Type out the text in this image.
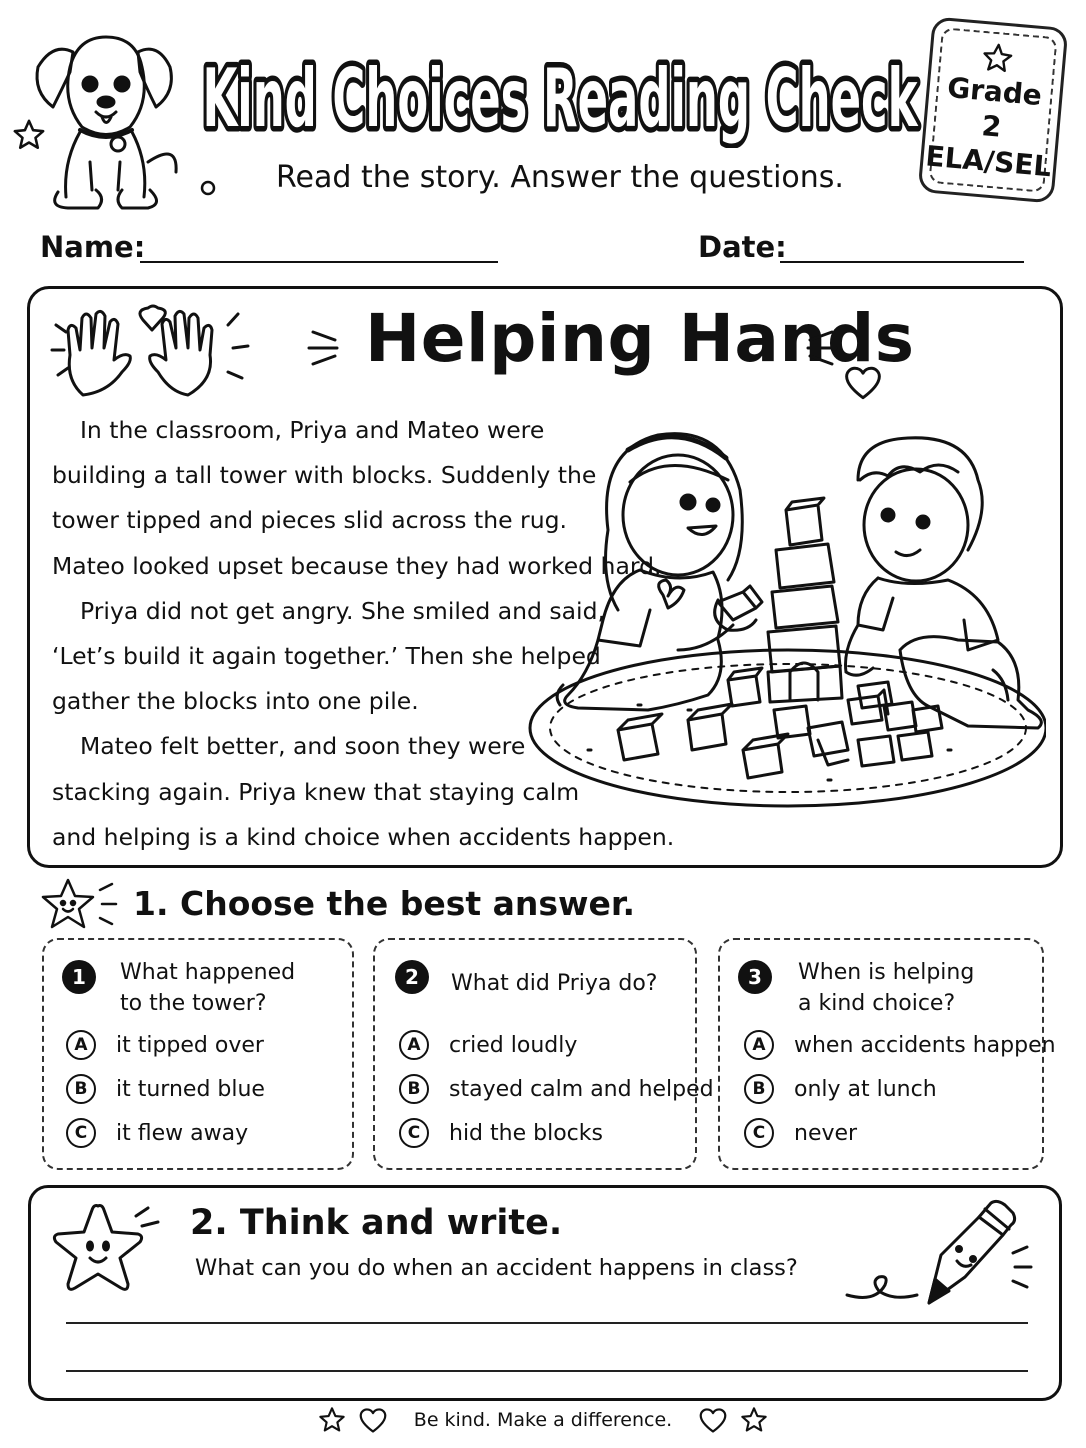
Kind Choices Reading Check
Read the story. Answer the questions.
Grade 2
ELA/SEL
Name:	Date:
Helping Hands

In the classroom, Priya and Mateo were
building a tall tower with blocks. Suddenly the
tower tipped and pieces slid across the rug.
Mateo looked upset because they had worked hard.

Priya did not get angry. She smiled and said,
‘Let’s build it again together.’ Then she helped
gather the blocks into one pile.

Mateo felt better, and soon they were
stacking again. Priya knew that staying calm
and helping is a kind choice when accidents happen.

1. Choose the best answer.
1	What happened
to the tower?
A	it tipped over
B	it turned blue
C	it flew away
2	What did Priya do?
A	cried loudly
B	stayed calm and helped
C	hid the blocks
3	When is helping
a kind choice?
A	when accidents happen
B	only at lunch
C	never
2. Think and write.
What can you do when an accident happens in class?
Be kind. Make a difference.
